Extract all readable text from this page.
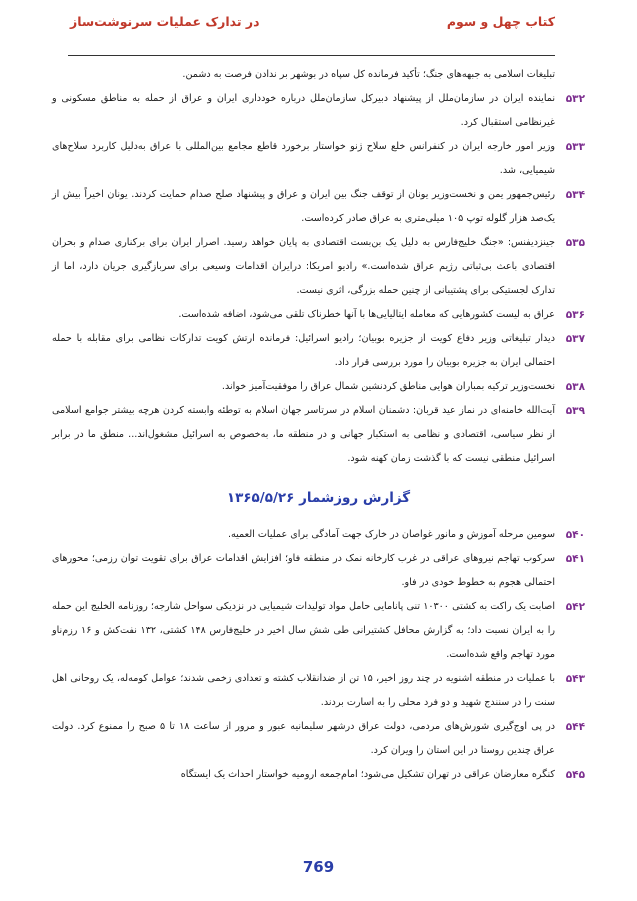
کتاب چهل و سوم
در تدارک عملیات سرنوشت‌ساز
تبلیغات اسلامی به جبهه‌های جنگ؛ تأکید فرمانده کل سپاه در بوشهر بر ندادن فرصت به دشمن.
۵۳۲
نماینده ایران در سازمان‌ملل از پیشنهاد دبیرکل سازمان‌ملل درباره خودداری ایران و عراق از حمله به مناطق مسکونی و غیرنظامی استقبال کرد.
۵۳۳
وزیر امور خارجه ایران در کنفرانس خلع سلاح ژنو خواستار برخورد قاطع مجامع بین‌المللی با عراق به‌دلیل کاربرد سلاح‌های شیمیایی، شد.
۵۳۴
رئیس‌جمهور یمن و نخست‌وزیر یونان از توقف جنگ بین ایران و عراق و پیشنهاد صلح صدام حمایت کردند. یونان اخیراً بیش از یک‌صد هزار گلوله توپ ۱۰۵ میلی‌متری به عراق صادر کرده‌است.
۵۳۵
جینزدیفنس: «جنگ خلیج‌فارس به دلیل یک بن‌بست اقتصادی به پایان خواهد رسید. اصرار ایران برای برکناری صدام و بحران اقتصادی باعث بی‌ثباتی رژیم عراق شده‌است.» رادیو امریکا: درایران اقدامات وسیعی برای سربازگیری جریان دارد، اما از تدارک لجستیکی برای پشتیبانی از چنین حمله بزرگی، اثری نیست.
۵۳۶
عراق به لیست کشورهایی که معامله ایتالیایی‌ها با آنها خطرناک تلقی می‌شود، اضافه شده‌است.
۵۳۷
دیدار تبلیغاتی وزیر دفاع کویت از جزیره بوبیان؛ رادیو اسرائیل: فرمانده ارتش کویت تدارکات نظامی برای مقابله با حمله احتمالی ایران به جزیره بوبیان را مورد بررسی قرار داد.
۵۳۸
نخست‌وزیر ترکیه بمباران هوایی مناطق کردنشین شمال عراق را موفقیت‌آمیز خواند.
۵۳۹
آیت‌الله خامنه‌ای در نماز عید قربان: دشمنان اسلام در سرتاسر جهان اسلام به توطئه وابسته کردن هرچه بیشتر جوامع اسلامی از نظر سیاسی، اقتصادی و نظامی به استکبار جهانی و در منطقه ما، به‌خصوص به اسرائیل مشغول‌اند... منطق ما در برابر اسرائیل منطقی نیست که با گذشت زمان کهنه شود.
گزارش روزشمار ۱۳۶۵/۵/۲۶
۵۴۰
سومین مرحله آموزش و مانور غواصان در خارک جهت آمادگی برای عملیات العمیه.
۵۴۱
سرکوب تهاجم نیروهای عراقی در غرب کارخانه نمک در منطقه فاو؛ افزایش اقدامات عراق برای تقویت توان رزمی؛ محورهای احتمالی هجوم به خطوط خودی در فاو.
۵۴۲
اصابت یک راکت به کشتی ۱۰۳۰۰ تنی پانامایی حامل مواد تولیدات شیمیایی در نزدیکی سواحل شارجه؛ روزنامه الخلیج این حمله را به ایران نسبت داد؛ به گزارش محافل کشتیرانی طی شش سال اخیر در خلیج‌فارس ۱۴۸ کشتی، ۱۳۲ نفت‌کش و ۱۶ رزم‌ناو مورد تهاجم واقع شده‌است.
۵۴۳
با عملیات در منطقه اشنویه در چند روز اخیر، ۱۵ تن از ضدانقلاب کشته و تعدادی زخمی شدند؛ عوامل کومه‌له، یک روحانی اهل سنت را در سنندج شهید و دو فرد محلی را به اسارت بردند.
۵۴۴
در پی اوج‌گیری شورش‌های مردمی، دولت عراق درشهر سلیمانیه عبور و مرور از ساعت ۱۸ تا ۵ صبح را ممنوع کرد. دولت عراق چندین روستا در این استان را ویران کرد.
۵۴۵
کنگره معارضان عراقی در تهران تشکیل می‌شود؛ امام‌جمعه ارومیه خواستار احداث یک ایستگاه
769
